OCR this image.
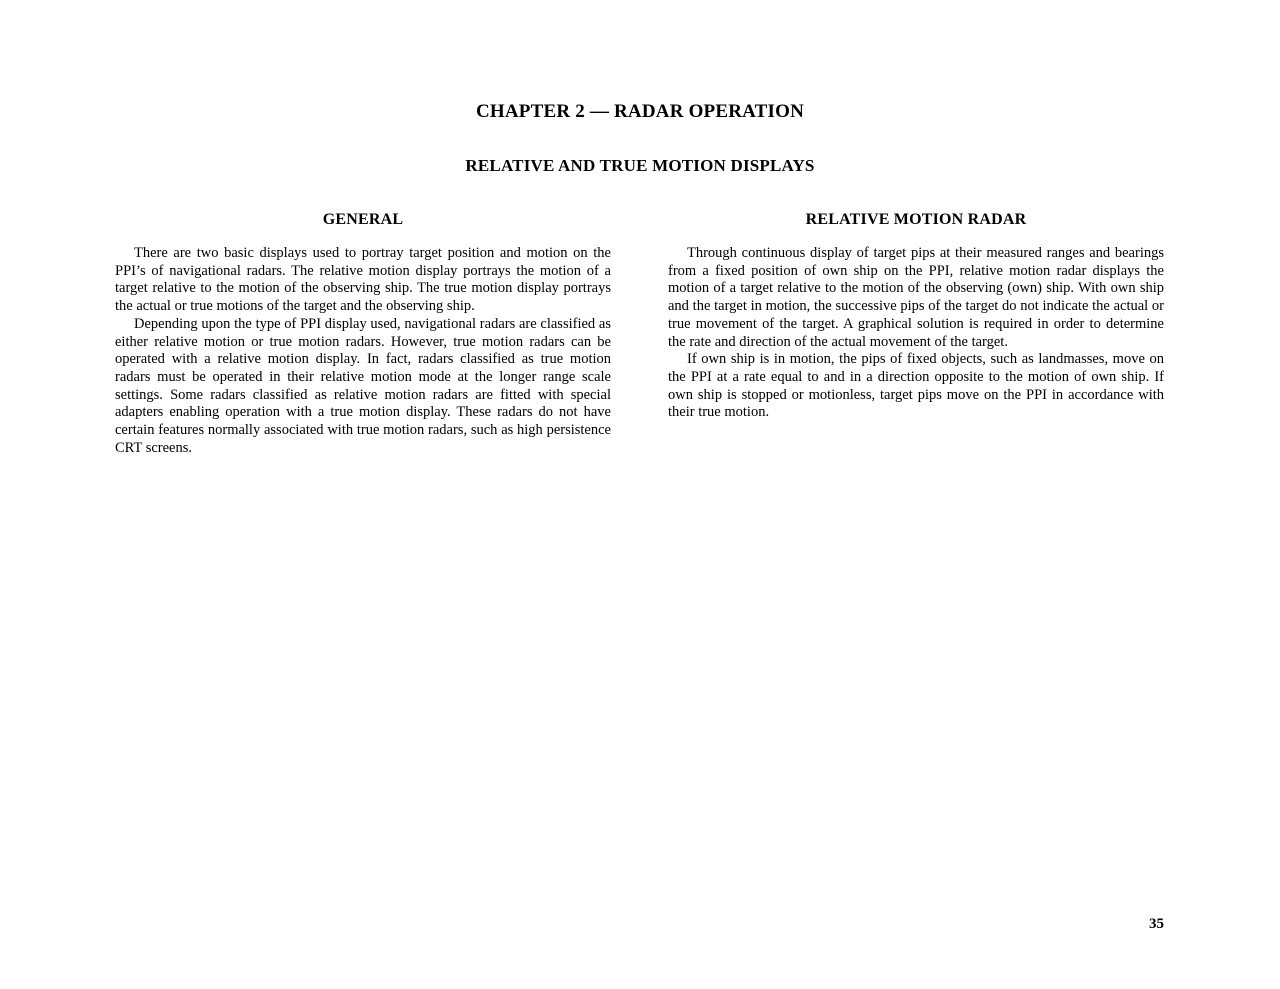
CHAPTER 2 — RADAR OPERATION
RELATIVE AND TRUE MOTION DISPLAYS
GENERAL

There are two basic displays used to portray target position and motion on the PPI’s of navigational radars. The relative motion display portrays the motion of a target relative to the motion of the observing ship. The true motion display portrays the actual or true motions of the target and the observing ship.

Depending upon the type of PPI display used, navigational radars are classified as either relative motion or true motion radars. However, true motion radars can be operated with a relative motion display. In fact, radars classified as true motion radars must be operated in their relative motion mode at the longer range scale settings. Some radars classified as relative motion radars are fitted with special adapters enabling operation with a true motion display. These radars do not have certain features normally associated with true motion radars, such as high persistence CRT screens.

RELATIVE MOTION RADAR

Through continuous display of target pips at their measured ranges and bearings from a fixed position of own ship on the PPI, relative motion radar displays the motion of a target relative to the motion of the observing (own) ship. With own ship and the target in motion, the successive pips of the target do not indicate the actual or true movement of the target. A graphical solution is required in order to determine the rate and direction of the actual movement of the target.

If own ship is in motion, the pips of fixed objects, such as landmasses, move on the PPI at a rate equal to and in a direction opposite to the motion of own ship. If own ship is stopped or motionless, target pips move on the PPI in accordance with their true motion.

35
